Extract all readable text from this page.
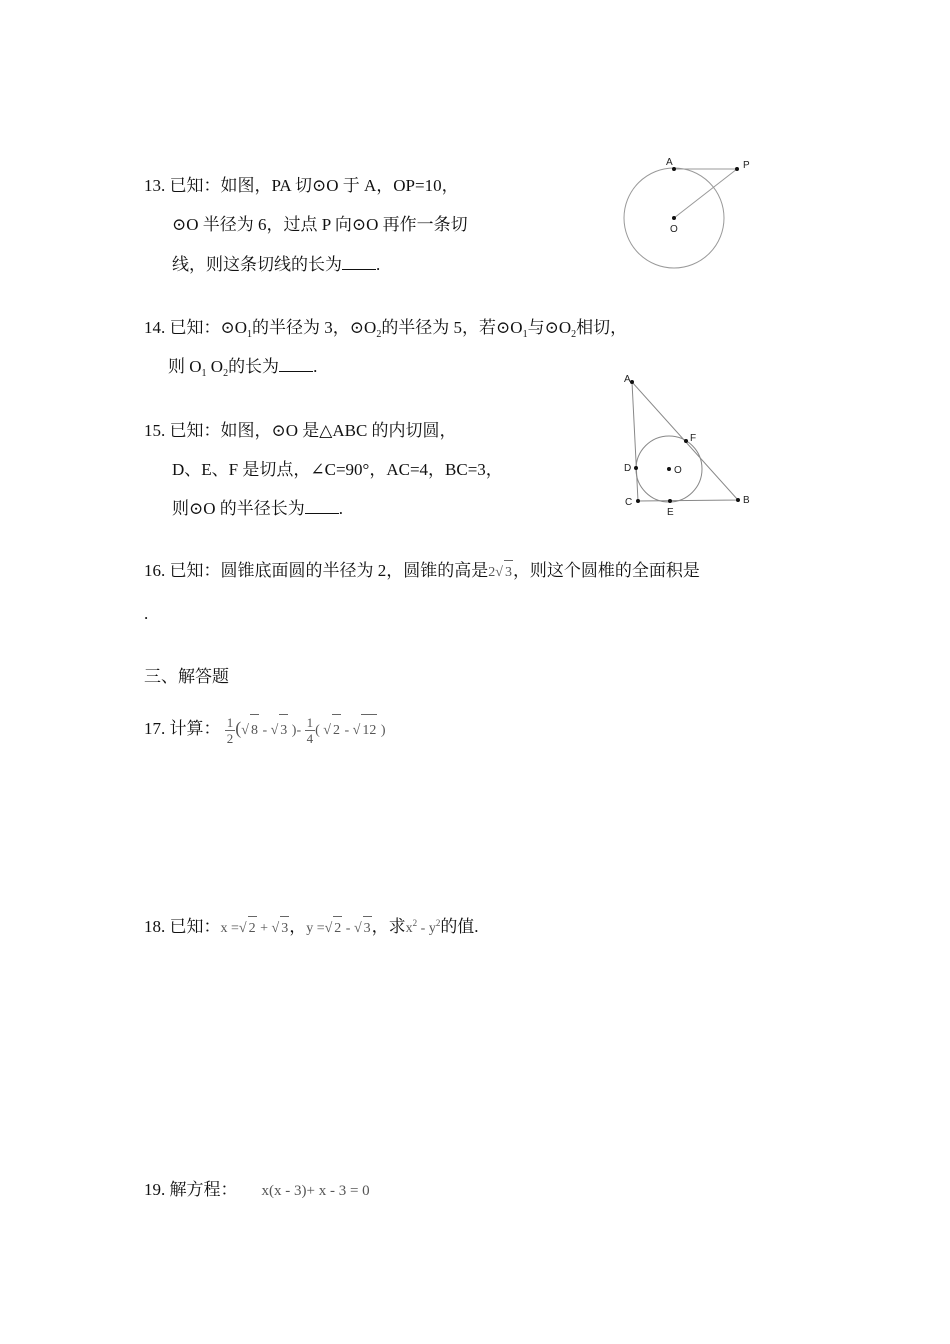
13. 已知：如图，PA 切⊙O 于 A，OP=10，
⊙O 半径为 6，过点 P 向⊙O 再作一条切
线，则这条切线的长为 .
A	P
O
14. 已知：$⊙O_1$的半径为 3，$⊙O_2$的半径为 5，若$⊙O_1$与$⊙O_2$相切，
则 $O_1$ $O_2$的长为 .
15. 已知：如图，⊙O 是△ABC 的内切圆，
D、E、F 是切点，∠C=90°，AC=4，BC=3，
则⊙O 的半径长为 .
A
F
D	O
C
E
B
16. 已知：圆锥底面圆的半径为 2，圆锥的高是2√ 3，则这个圆椎的全面积是
.
三、解答题
17. 计算： $\frac{1}{2}$ (√ 8 - √ 3 )- $\frac{1}{4}$ ( √ 2 - √ 12 )
18. 已知：x =√ 2 + √ 3，y =√ 2 - √ 3，求$x^2 - y^2$的值.
19. 解方程： x(x - 3)+ x - 3 = 0
